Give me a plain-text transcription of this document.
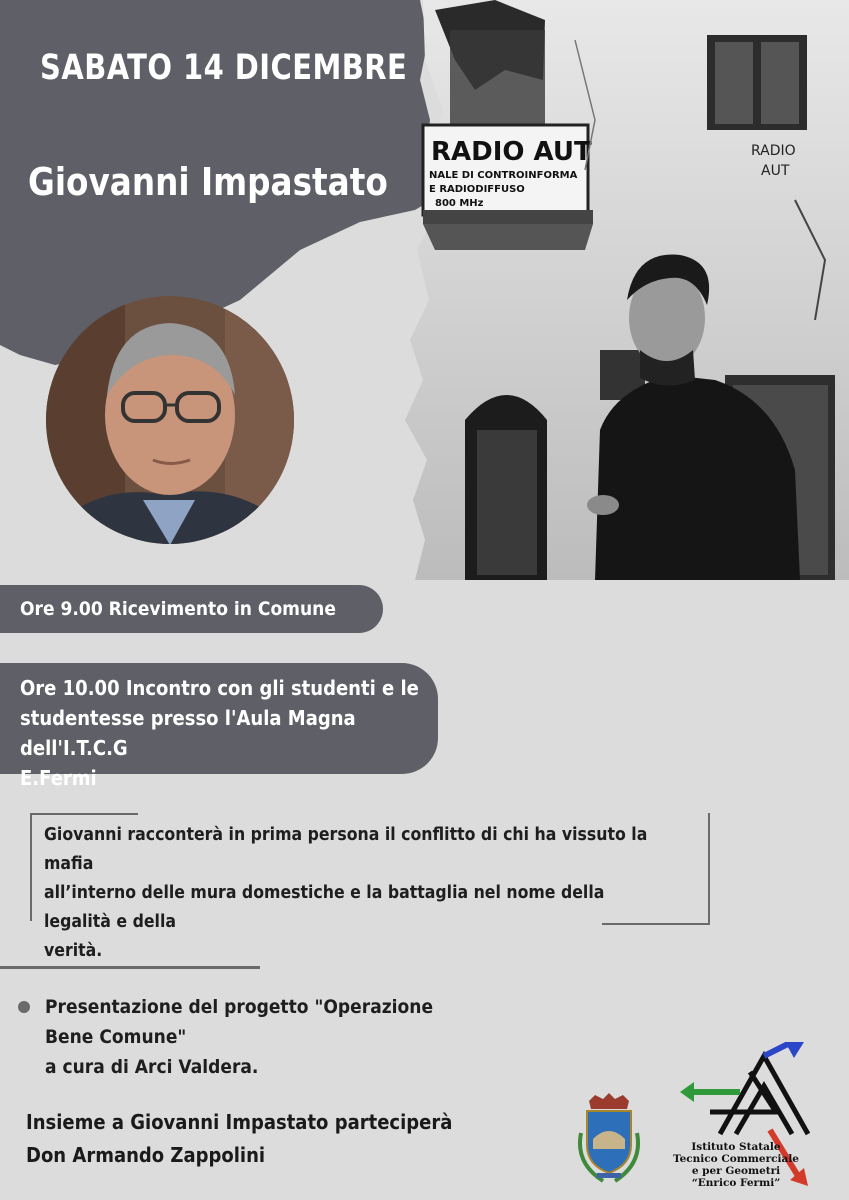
SABATO 14 DICEMBRE
Giovanni Impastato
RADIO AUT
NALE DI CONTROINFORMA
E RADIODIFFUSO
800 MHz
RADIO
AUT
Ore 9.00 Ricevimento in Comune
Ore 10.00 Incontro con gli studenti e le
studentesse presso l'Aula Magna dell'I.T.C.G
E.Fermi
Giovanni racconterà in prima persona il conflitto di chi ha vissuto la mafia
all’interno delle mura domestiche e la battaglia nel nome della legalità e della
verità.
Presentazione del progetto "Operazione
Bene Comune"
a cura di Arci Valdera.
Insieme a Giovanni Impastato parteciperà
Don Armando Zappolini	Istituto Statale
Tecnico Commerciale
e per Geometri
“Enrico Fermi”
